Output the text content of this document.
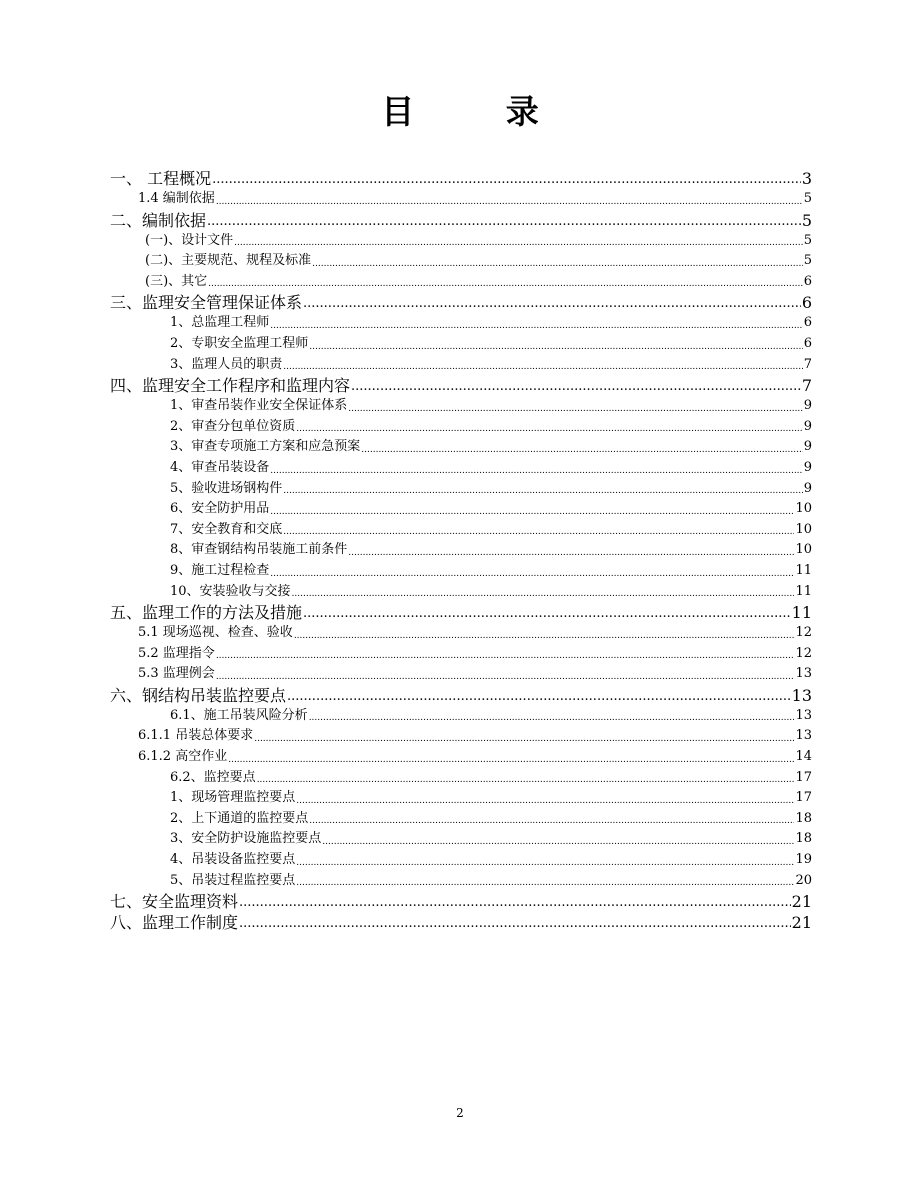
目 录
一、 工程概况 .....	3
1.4 编制依据 .....	5
二、编制依据 .....	5
(一)、设计文件 .....	5
(二)、主要规范、规程及标准 .....	5
(三)、其它 .....	6
三、监理安全管理保证体系 .....	6
1、总监理工程师 .....	6
2、专职安全监理工程师 .....	6
3、监理人员的职责 .....	7
四、监理安全工作程序和监理内容 .....	7
1、审查吊装作业安全保证体系 .....	9
2、审查分包单位资质 .....	9
3、审查专项施工方案和应急预案 .....	9
4、审查吊装设备 .....	9
5、验收进场钢构件 .....	9
6、安全防护用品 .....	10
7、安全教育和交底 .....	10
8、审查钢结构吊装施工前条件 .....	10
9、施工过程检查 .....	11
10、安装验收与交接 .....	11
五、监理工作的方法及措施 .....	11
5.1 现场巡视、检查、验收 .....	12
5.2 监理指令 .....	12
5.3 监理例会 .....	13
六、钢结构吊装监控要点 .....	13
6.1、施工吊装风险分析 .....	13
6.1.1 吊装总体要求 .....	13
6.1.2 高空作业 .....	14
6.2、监控要点 .....	17
1、现场管理监控要点 .....	17
2、上下通道的监控要点 .....	18
3、安全防护设施监控要点 .....	18
4、吊装设备监控要点 .....	19
5、吊装过程监控要点 .....	20
七、安全监理资料 .....	21
八、监理工作制度 .....	21
2
